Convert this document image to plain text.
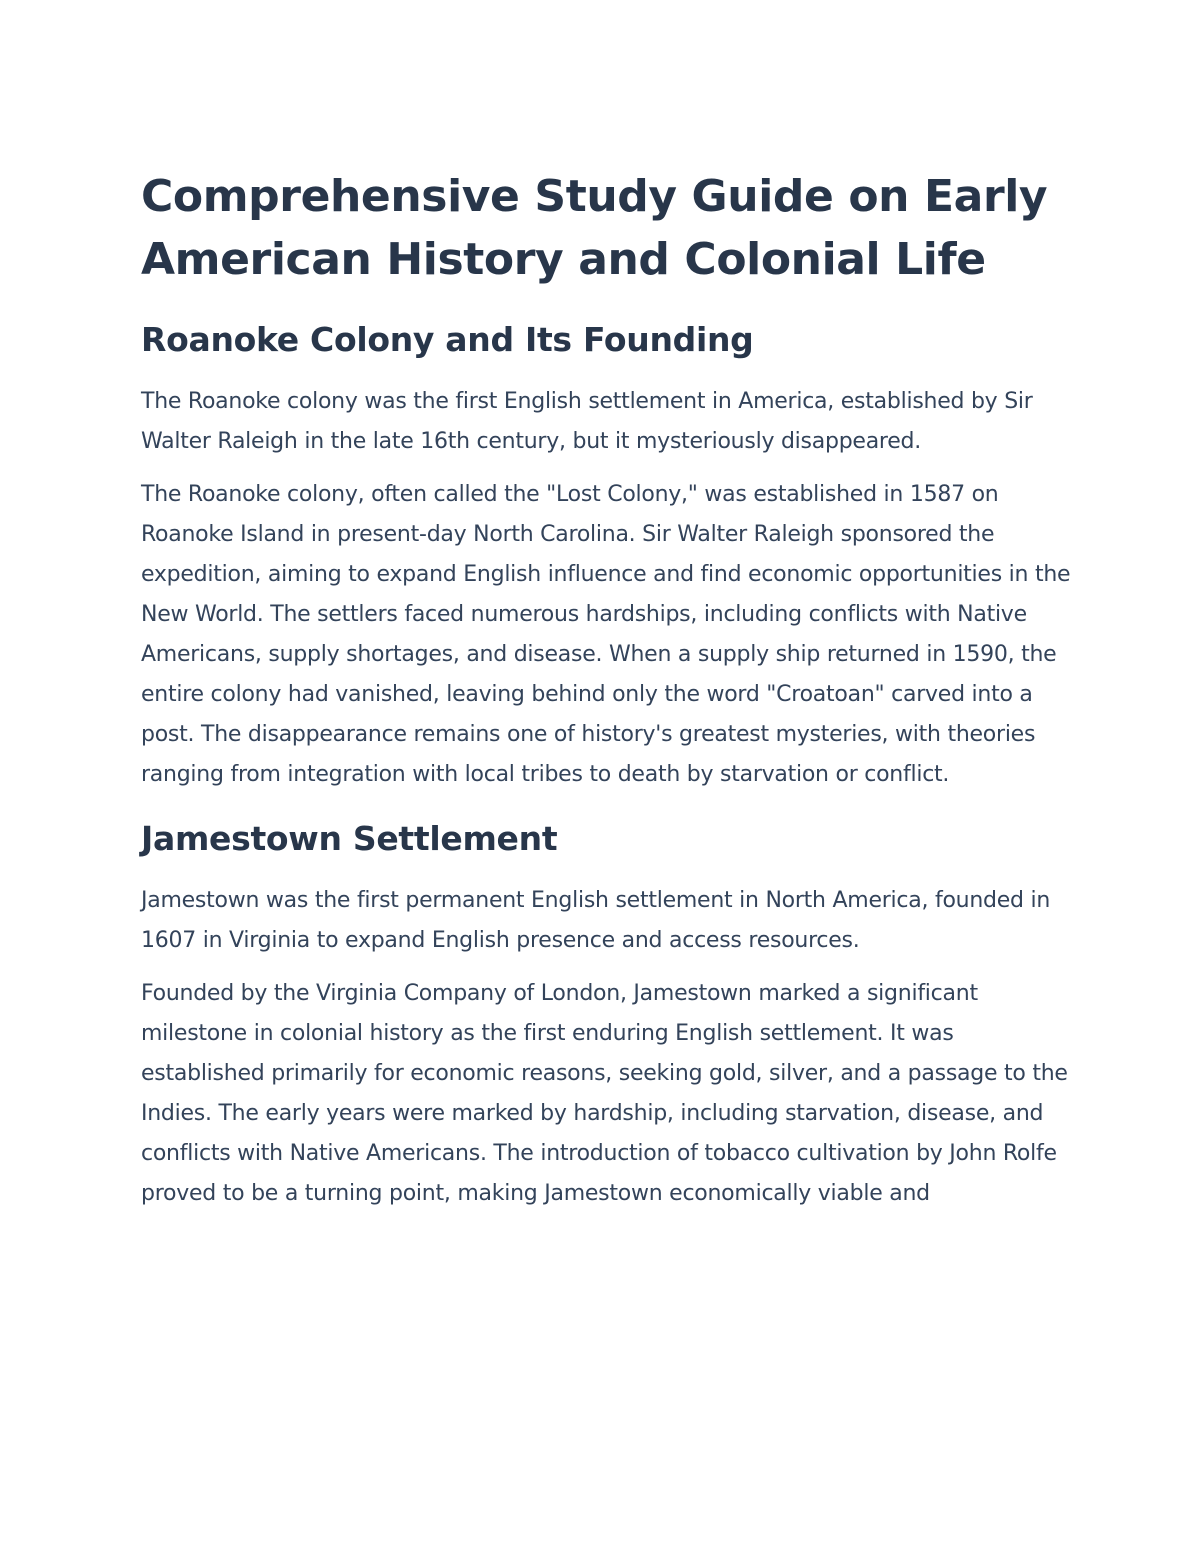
Comprehensive Study Guide on Early American History and Colonial Life
Roanoke Colony and Its Founding

The Roanoke colony was the first English settlement in America, established by Sir Walter Raleigh in the late 16th century, but it mysteriously disappeared.

The Roanoke colony, often called the "Lost Colony," was established in 1587 on Roanoke Island in present-day North Carolina. Sir Walter Raleigh sponsored the expedition, aiming to expand English influence and find economic opportunities in the New World. The settlers faced numerous hardships, including conflicts with Native Americans, supply shortages, and disease. When a supply ship returned in 1590, the entire colony had vanished, leaving behind only the word "Croatoan" carved into a post. The disappearance remains one of history's greatest mysteries, with theories ranging from integration with local tribes to death by starvation or conflict.

Jamestown Settlement

Jamestown was the first permanent English settlement in North America, founded in 1607 in Virginia to expand English presence and access resources.

Founded by the Virginia Company of London, Jamestown marked a significant milestone in colonial history as the first enduring English settlement. It was established primarily for economic reasons, seeking gold, silver, and a passage to the Indies. The early years were marked by hardship, including starvation, disease, and conflicts with Native Americans. The introduction of tobacco cultivation by John Rolfe proved to be a turning point, making Jamestown economically viable and
